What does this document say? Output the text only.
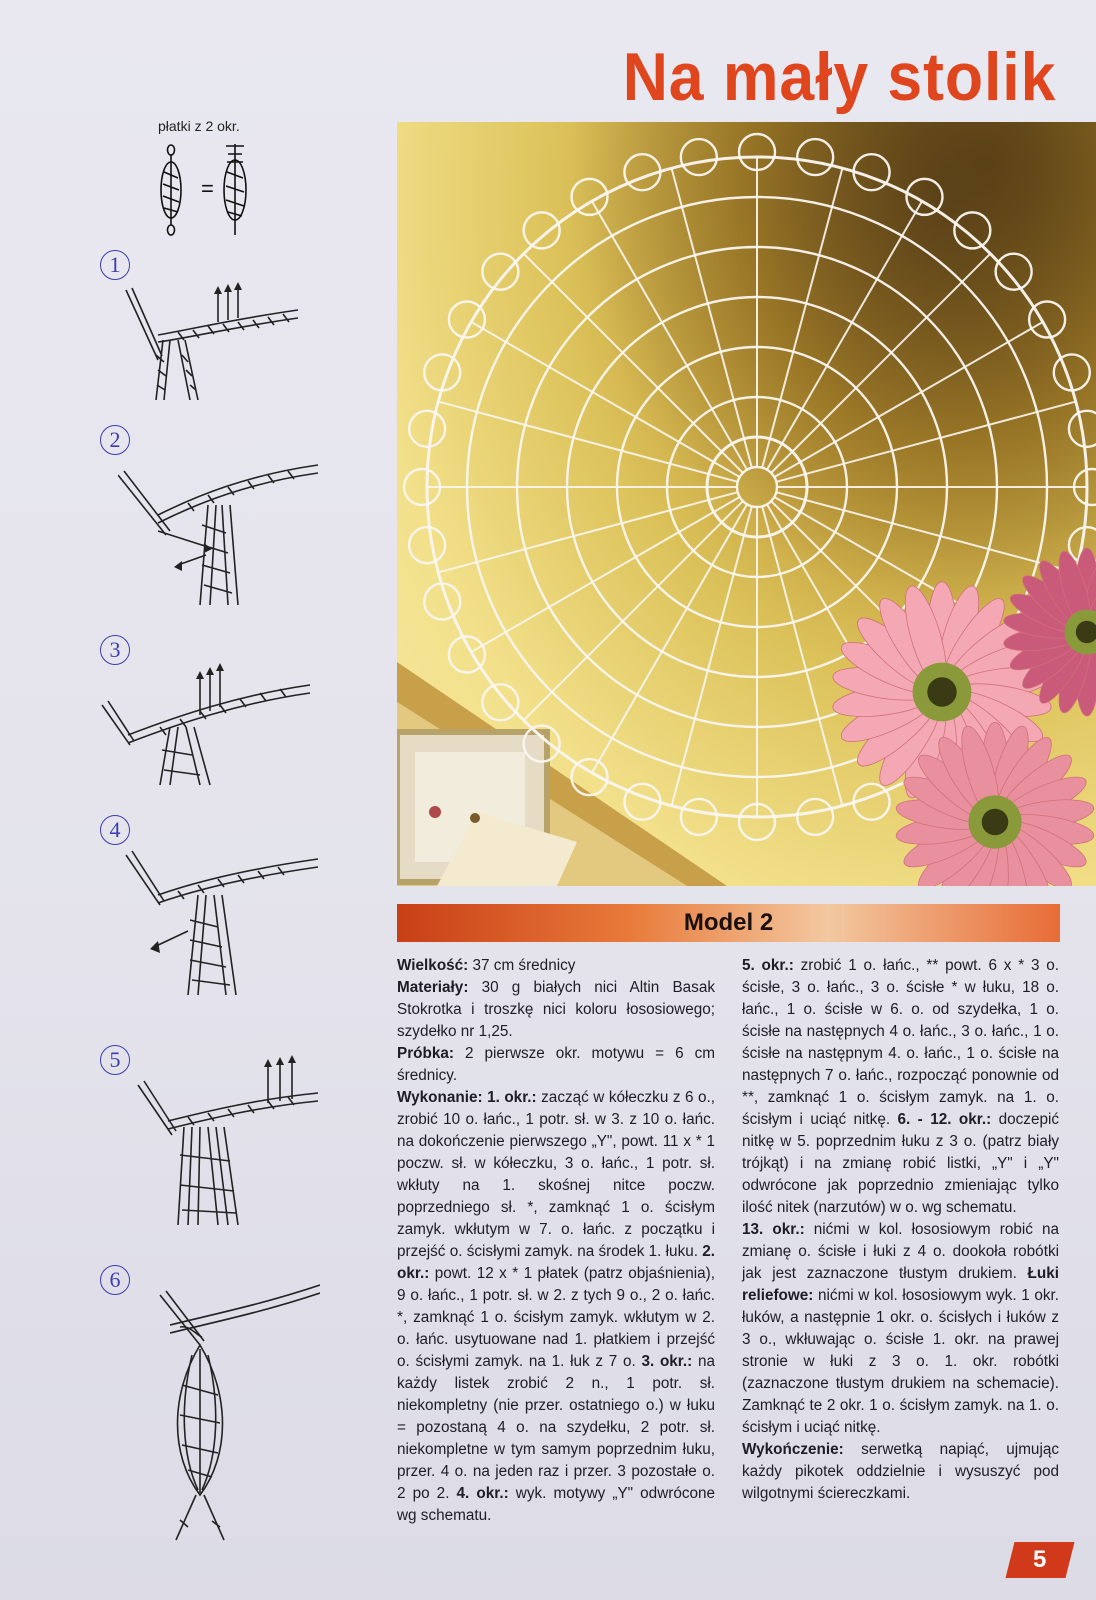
Na mały stolik
płatki z 2 okr.
=
1
2
3
4
5
6
Model 2

Wielkość: 37 cm średnicy

Materiały: 30 g białych nici Altin Basak Stokrotka i troszkę nici koloru łososiowego; szydełko nr 1,25.

Próbka: 2 pierwsze okr. motywu = 6 cm średnicy.

Wykonanie: 1. okr.: zacząć w kółeczku z 6 o., zrobić 10 o. łańc., 1 potr. sł. w 3. z 10 o. łańc. na dokończenie pierwszego „Y", powt. 11 x * 1 poczw. sł. w kółeczku, 3 o. łańc., 1 potr. sł. wkłuty na 1. skośnej nitce poczw. poprzedniego sł. *, zamknąć 1 o. ścisłym zamyk. wkłutym w 7. o. łańc. z początku i przejść o. ścisłymi zamyk. na środek 1. łuku. 2. okr.: powt. 12 x * 1 płatek (patrz objaśnienia), 9 o. łańc., 1 potr. sł. w 2. z tych 9 o., 2 o. łańc. *, zamknąć 1 o. ścisłym zamyk. wkłutym w 2. o. łańc. usytuowane nad 1. płatkiem i przejść o. ścisłymi zamyk. na 1. łuk z 7 o. 3. okr.: na każdy listek zrobić 2 n., 1 potr. sł. niekompletny (nie przer. ostatniego o.) w łuku = pozostaną 4 o. na szydełku, 2 potr. sł. niekompletne w tym samym poprzednim łuku, przer. 4 o. na jeden raz i przer. 3 pozostałe o. 2 po 2. 4. okr.: wyk. motywy „Y" odwrócone wg schematu.

5. okr.: zrobić 1 o. łańc., ** powt. 6 x * 3 o. ścisłe, 3 o. łańc., 3 o. ścisłe * w łuku, 18 o. łańc., 1 o. ścisłe w 6. o. od szydełka, 1 o. ścisłe na następnych 4 o. łańc., 3 o. łańc., 1 o. ścisłe na następnym 4. o. łańc., 1 o. ścisłe na następnych 7 o. łańc., rozpocząć ponownie od **, zamknąć 1 o. ścisłym zamyk. na 1. o. ścisłym i uciąć nitkę. 6. - 12. okr.: doczepić nitkę w 5. poprzednim łuku z 3 o. (patrz biały trójkąt) i na zmianę robić listki, „Y" i „Y" odwrócone jak poprzednio zmieniając tylko ilość nitek (narzutów) w o. wg schematu.

13. okr.: nićmi w kol. łososiowym robić na zmianę o. ścisłe i łuki z 4 o. dookoła robótki jak jest zaznaczone tłustym drukiem. Łuki reliefowe: nićmi w kol. łososiowym wyk. 1 okr. łuków, a następnie 1 okr. o. ścisłych i łuków z 3 o., wkłuwając o. ścisłe 1. okr. na prawej stronie w łuki z 3 o. 1. okr. robótki (zaznaczone tłustym drukiem na schemacie). Zamknąć te 2 okr. 1 o. ścisłym zamyk. na 1. o. ścisłym i uciąć nitkę.

Wykończenie: serwetką napiąć, ujmując każdy pikotek oddzielnie i wysuszyć pod wilgotnymi ściereczkami.

5
